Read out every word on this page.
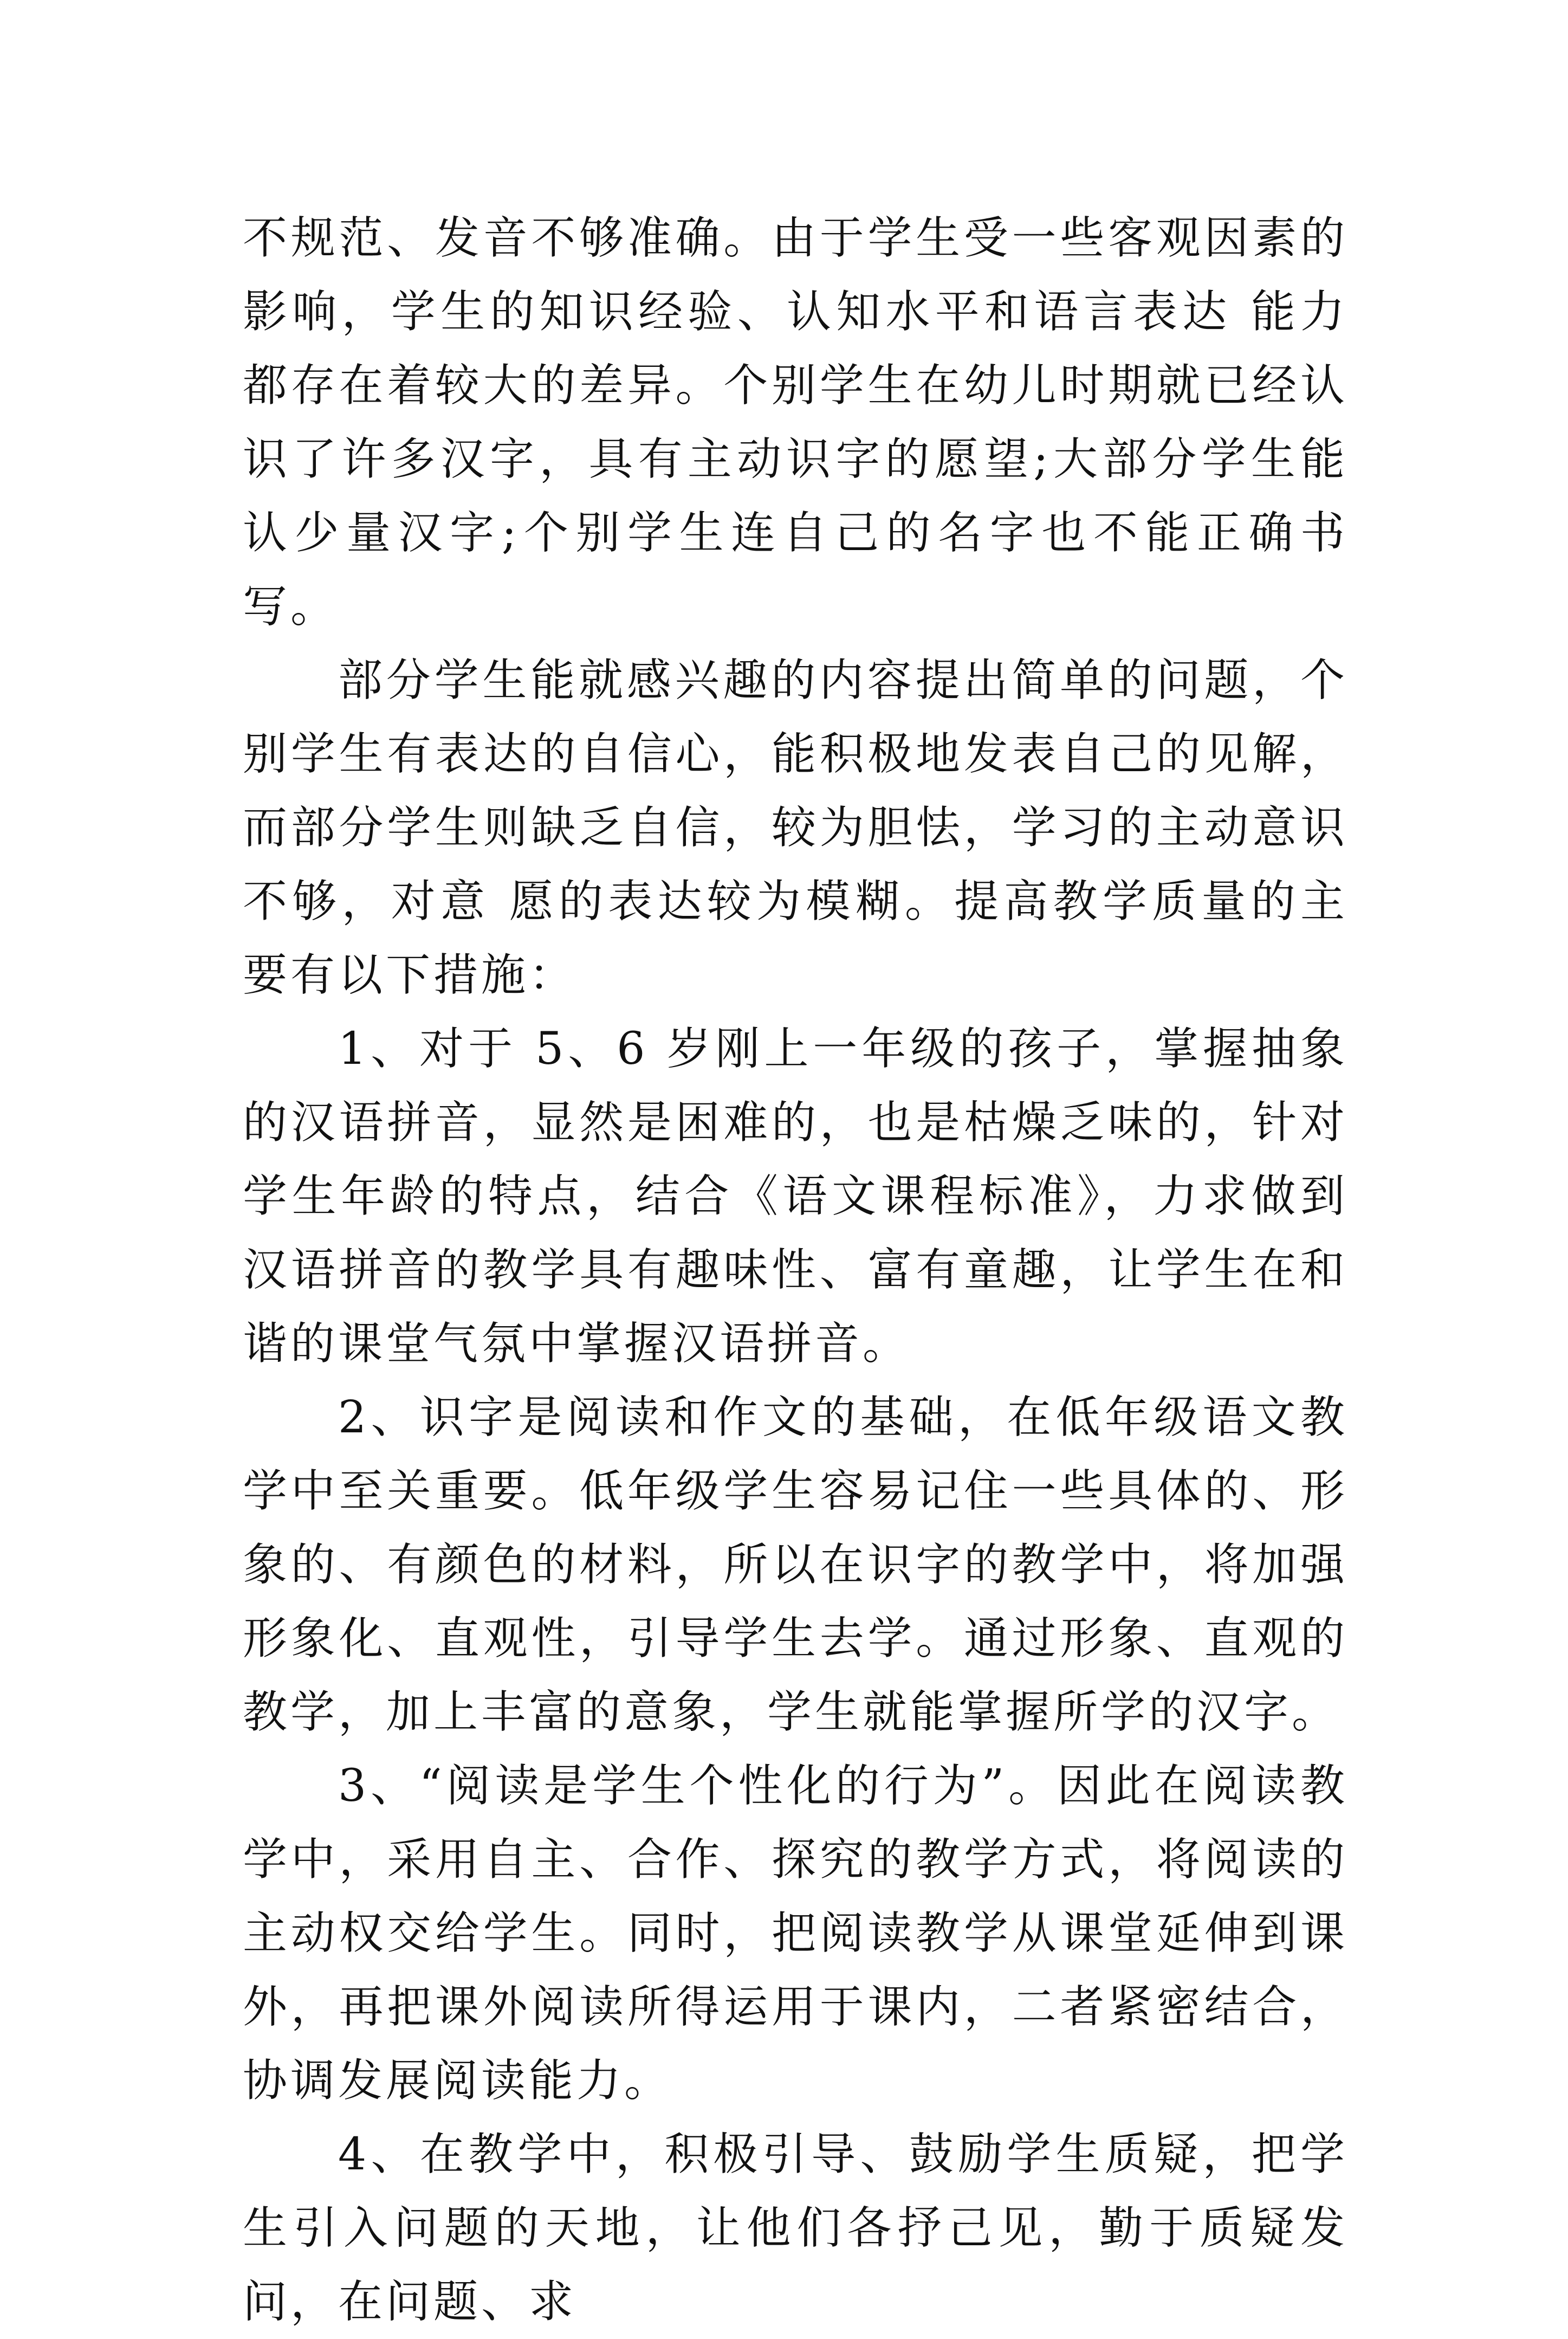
不规范、发音不够准确。由于学生受一些客观因素的影响，学生的知识经验、认知水平和语言表达 能力都存在着较大的差异。个别学生在幼儿时期就已经认识了许多汉字，具有主动识字的愿望;大部分学生能认少量汉字;个别学生连自己的名字也不能正确书写。

部分学生能就感兴趣的内容提出简单的问题，个别学生有表达的自信心，能积极地发表自己的见解，而部分学生则缺乏自信，较为胆怯，学习的主动意识不够，对意 愿的表达较为模糊。提高教学质量的主要有以下措施：

1、对于 5、6 岁刚上一年级的孩子，掌握抽象的汉语拼音，显然是困难的，也是枯燥乏味的，针对学生年龄的特点，结合《语文课程标准》，力求做到汉语拼音的教学具有趣味性、富有童趣，让学生在和谐的课堂气氛中掌握汉语拼音。

2、识字是阅读和作文的基础，在低年级语文教学中至关重要。低年级学生容易记住一些具体的、形象的、有颜色的材料，所以在识字的教学中，将加强形象化、直观性，引导学生去学。通过形象、直观的教学，加上丰富的意象，学生就能掌握所学的汉字。

3、“阅读是学生个性化的行为”。因此在阅读教学中，采用自主、合作、探究的教学方式，将阅读的主动权交给学生。同时，把阅读教学从课堂延伸到课外，再把课外阅读所得运用于课内，二者紧密结合，协调发展阅读能力。

4、在教学中，积极引导、鼓励学生质疑，把学生引入问题的天地，让他们各抒己见，勤于质疑发问，在问题、求
